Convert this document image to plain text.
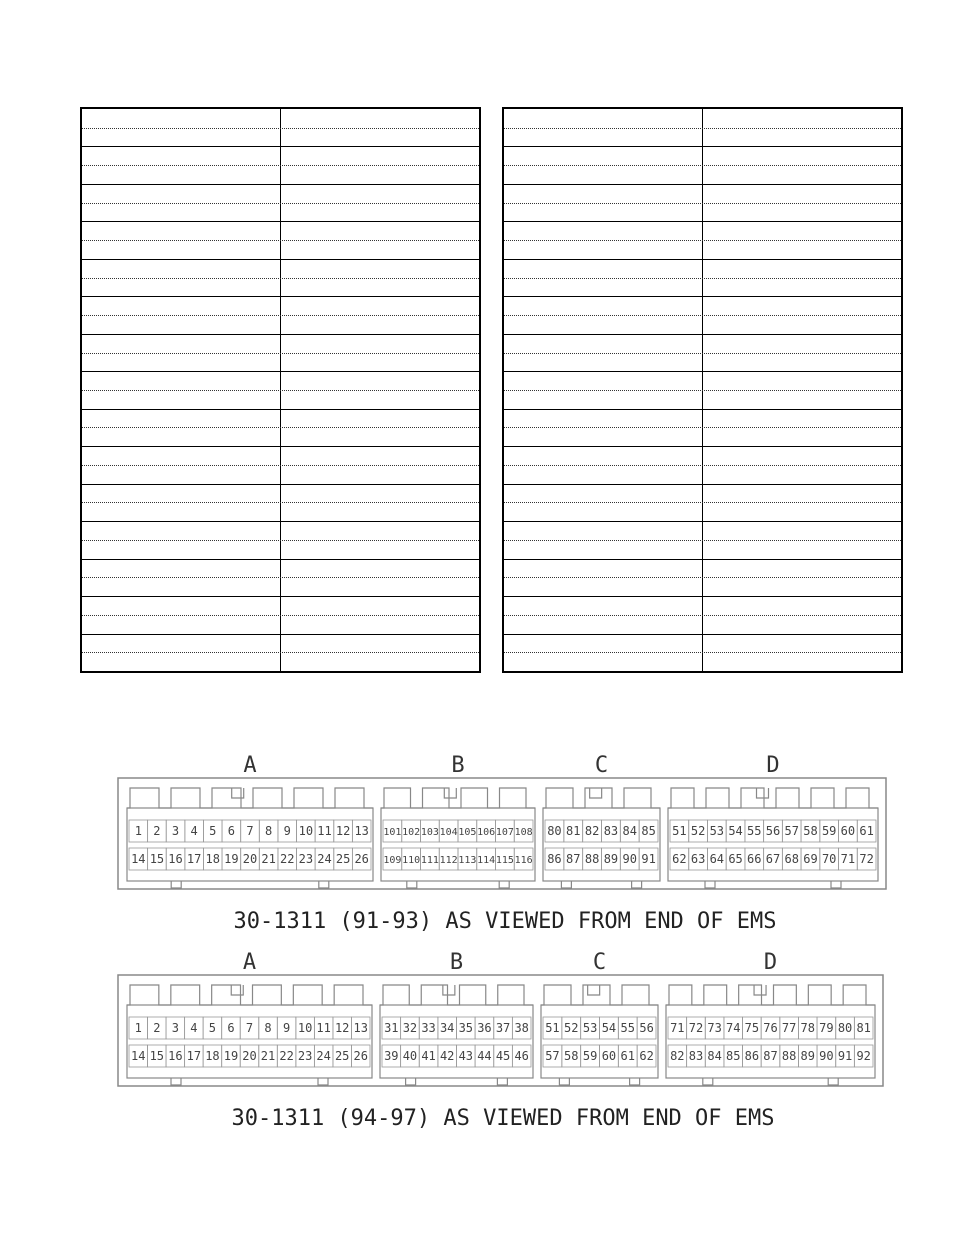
A
1 2 3 4 5 6 7 8 9 10 11 12 13
14 15 16 17 18 19 20 21 22 23 24 25 26
B
101 102 103 104 105 106 107 108
109 110 111 112 113 114 115 116
C
80 81 82 83 84 85
86 87 88 89 90 91
D
51 52 53 54 55 56 57 58 59 60 61
62 63 64 65 66 67 68 69 70 71 72
30-1311 (91-93) AS VIEWED FROM END OF EMS
A
1 2 3 4 5 6 7 8 9 10 11 12 13
14 15 16 17 18 19 20 21 22 23 24 25 26
B
31 32 33 34 35 36 37 38
39 40 41 42 43 44 45 46
C
51 52 53 54 55 56
57 58 59 60 61 62
D
71 72 73 74 75 76 77 78 79 80 81
82 83 84 85 86 87 88 89 90 91 92
30-1311 (94-97) AS VIEWED FROM END OF EMS
